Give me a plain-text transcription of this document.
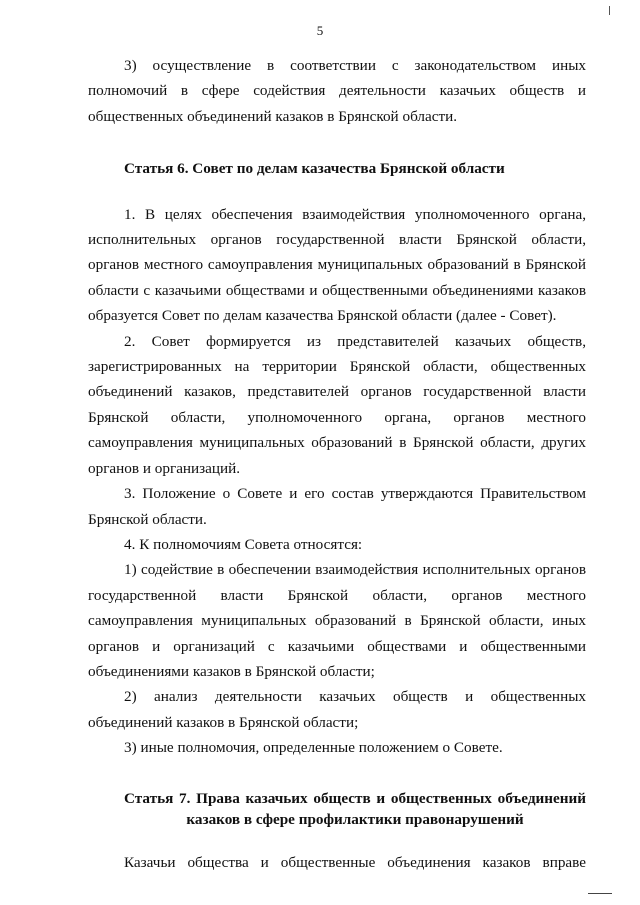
5

3) осуществление в соответствии с законодательством иных полномочий в сфере содействия деятельности казачьих обществ и общественных объединений казаков в Брянской области.

Статья 6. Совет по делам казачества Брянской области

1. В целях обеспечения взаимодействия уполномоченного органа, исполнительных органов государственной власти Брянской области, органов местного самоуправления муниципальных образований в Брянской области с казачьими обществами и общественными объединениями казаков образуется Совет по делам казачества Брянской области (далее - Совет).

2. Совет формируется из представителей казачьих обществ, зарегистрированных на территории Брянской области, общественных объединений казаков, представителей органов государственной власти Брянской области, уполномоченного органа, органов местного самоуправления муниципальных образований в Брянской области, других органов и организаций.

3. Положение о Совете и его состав утверждаются Правительством Брянской области.

4. К полномочиям Совета относятся:

1) содействие в обеспечении взаимодействия исполнительных органов государственной власти Брянской области, органов местного самоуправления муниципальных образований в Брянской области, иных органов и организаций с казачьими обществами и общественными объединениями казаков в Брянской области;

2) анализ деятельности казачьих обществ и общественных объединений казаков в Брянской области;

3) иные полномочия, определенные положением о Совете.

Статья 7. Права казачьих обществ и общественных объединений
казаков в сфере профилактики правонарушений

Казачьи общества и общественные объединения казаков вправе
